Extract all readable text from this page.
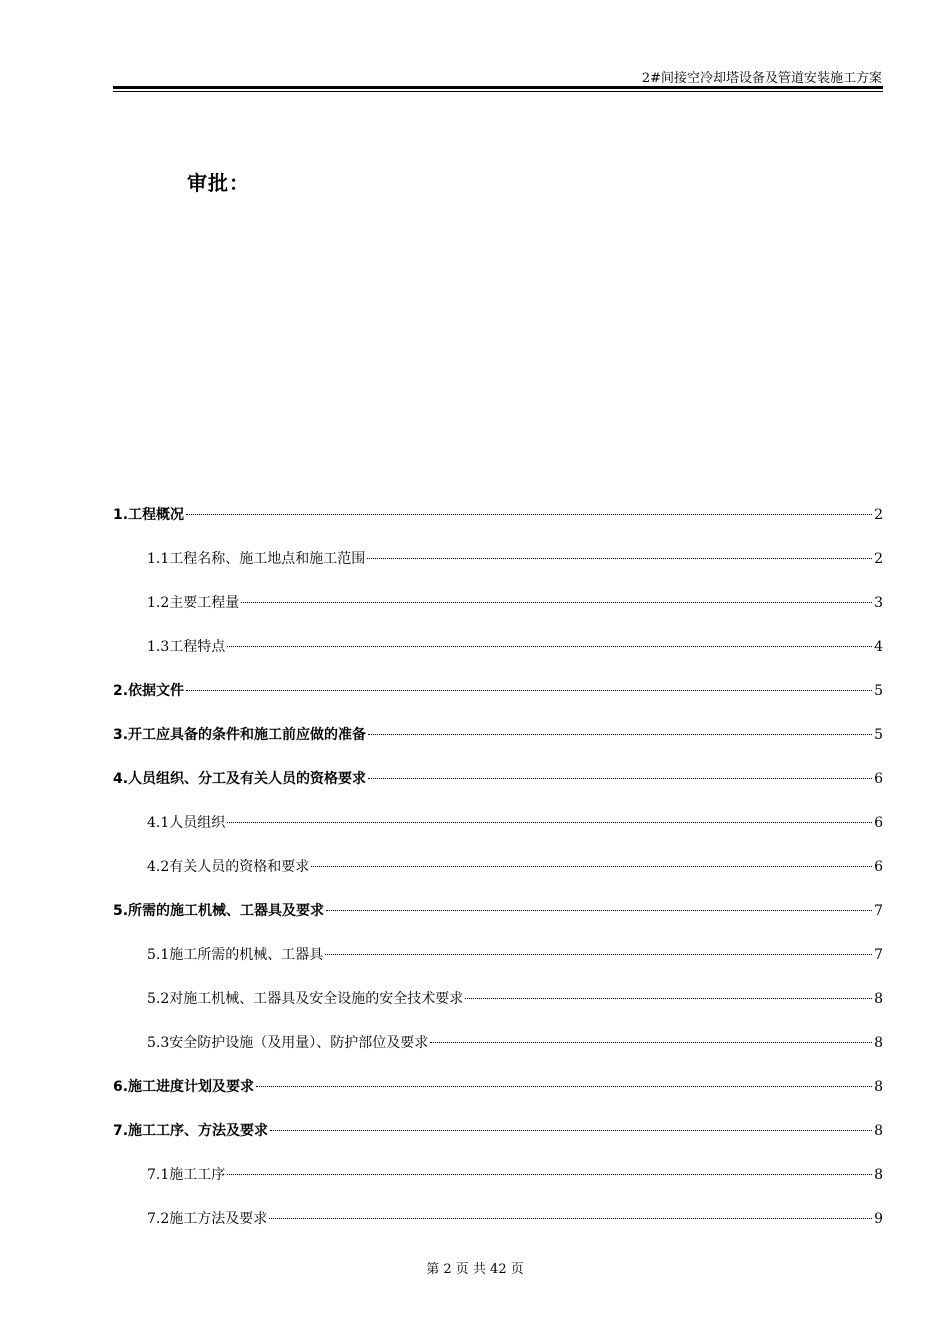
2#间接空冷却塔设备及管道安装施工方案
审批：
1.工程概况	2
1.1工程名称、施工地点和施工范围	2
1.2主要工程量	3
1.3工程特点	4
2.依据文件	5
3.开工应具备的条件和施工前应做的准备	5
4.人员组织、分工及有关人员的资格要求	6
4.1人员组织	6
4.2有关人员的资格和要求	6
5.所需的施工机械、工器具及要求	7
5.1施工所需的机械、工器具	7
5.2对施工机械、工器具及安全设施的安全技术要求	8
5.3安全防护设施（及用量）、防护部位及要求	8
6.施工进度计划及要求	8
7.施工工序、方法及要求	8
7.1施工工序	8
7.2施工方法及要求	9
第 2 页 共 42 页
